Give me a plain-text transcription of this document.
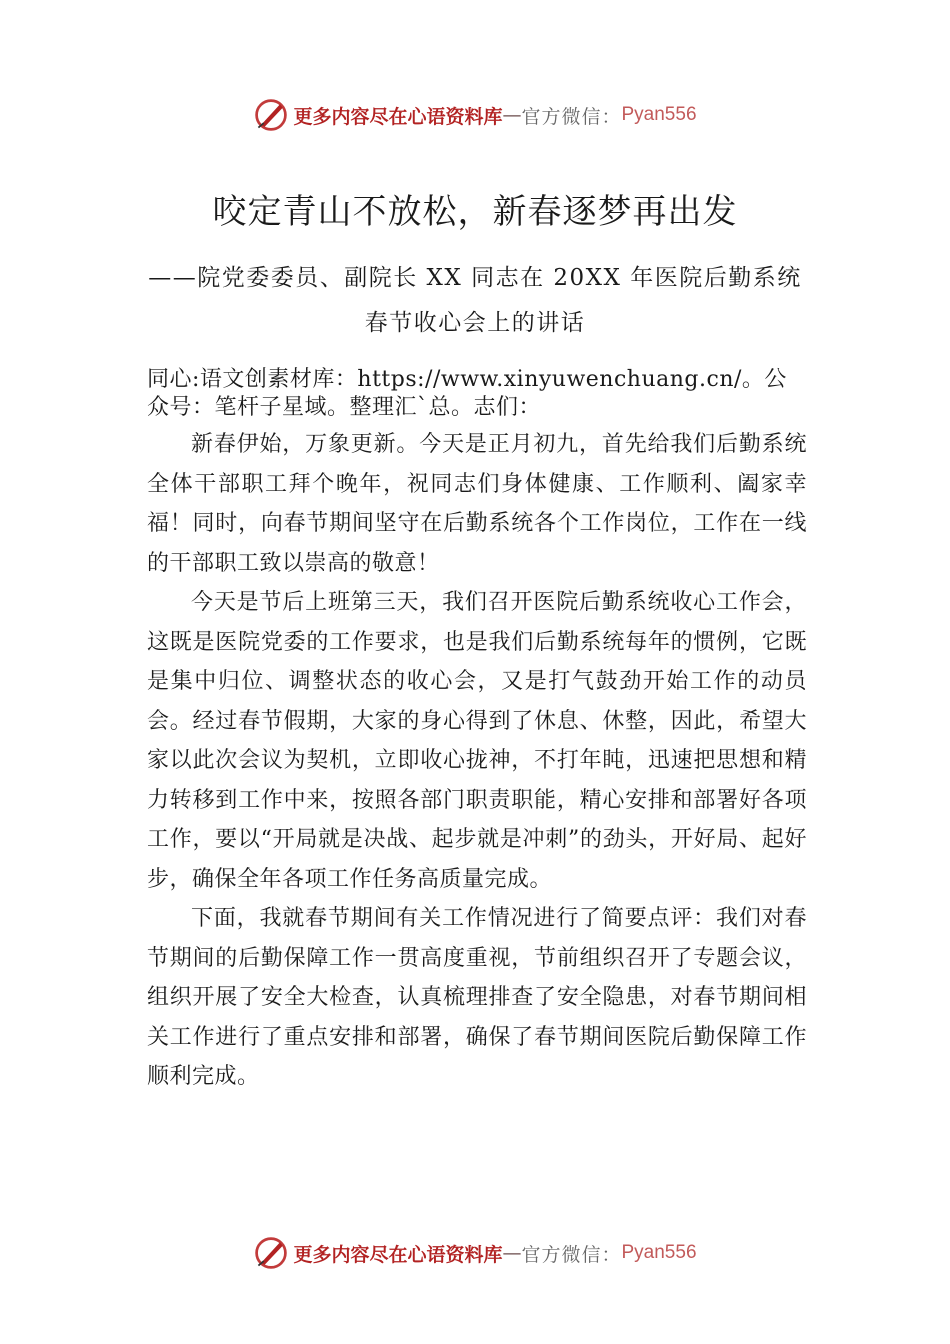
更多内容尽在心语资料库 — 官方微信： Pyan556
咬定青山不放松，新春逐梦再出发

——院党委委员、副院长 XX 同志在 20XX 年医院后勤系统春节收心会上的讲话

同心:语文创素材库：https://www.xinyuwenchuang.cn/。公众号：笔杆子星域。整理汇`总。志们：

新春伊始，万象更新。今天是正月初九，首先给我们后勤系统全体干部职工拜个晚年，祝同志们身体健康、工作顺利、阖家幸福！同时，向春节期间坚守在后勤系统各个工作岗位，工作在一线的干部职工致以崇高的敬意！

今天是节后上班第三天，我们召开医院后勤系统收心工作会，这既是医院党委的工作要求，也是我们后勤系统每年的惯例，它既是集中归位、调整状态的收心会，又是打气鼓劲开始工作的动员会。经过春节假期，大家的身心得到了休息、休整，因此，希望大家以此次会议为契机，立即收心拢神，不打年盹，迅速把思想和精力转移到工作中来，按照各部门职责职能，精心安排和部署好各项工作，要以“开局就是决战、起步就是冲刺”的劲头，开好局、起好步，确保全年各项工作任务高质量完成。

下面，我就春节期间有关工作情况进行了简要点评：我们对春节期间的后勤保障工作一贯高度重视，节前组织召开了专题会议，组织开展了安全大检查，认真梳理排查了安全隐患，对春节期间相关工作进行了重点安排和部署，确保了春节期间医院后勤保障工作顺利完成。

更多内容尽在心语资料库 — 官方微信： Pyan556
